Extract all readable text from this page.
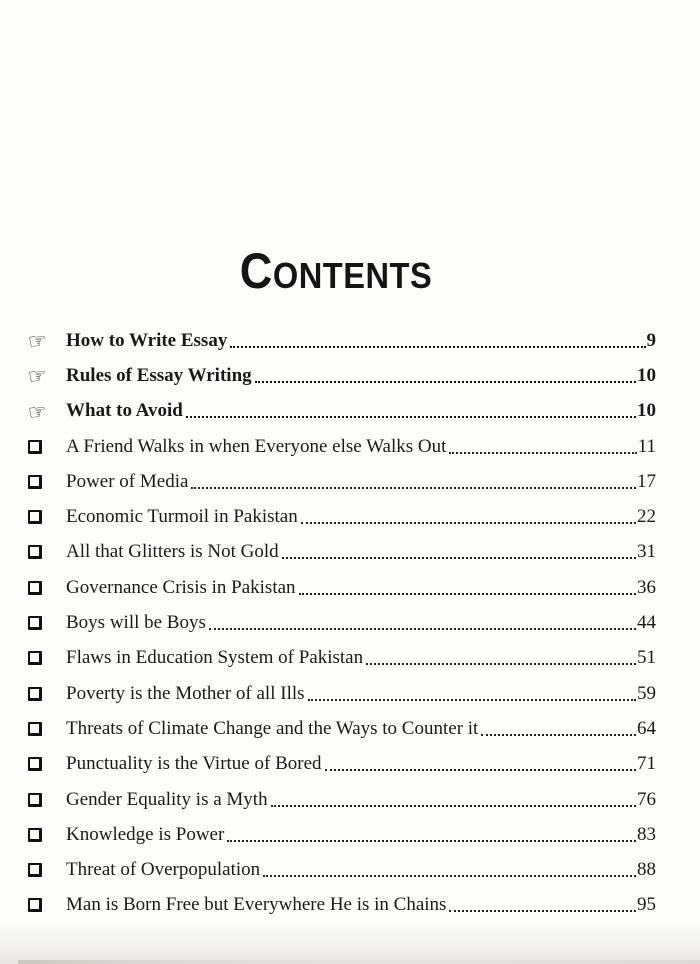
CONTENTS
☞ How to Write Essay	9
☞ Rules of Essay Writing	10
☞ What to Avoid	10
A Friend Walks in when Everyone else Walks Out	11
Power of Media	17
Economic Turmoil in Pakistan	22
All that Glitters is Not Gold	31
Governance Crisis in Pakistan	36
Boys will be Boys	44
Flaws in Education System of Pakistan	51
Poverty is the Mother of all Ills	59
Threats of Climate Change and the Ways to Counter it	64
Punctuality is the Virtue of Bored	71
Gender Equality is a Myth	76
Knowledge is Power	83
Threat of Overpopulation	88
Man is Born Free but Everywhere He is in Chains	95
